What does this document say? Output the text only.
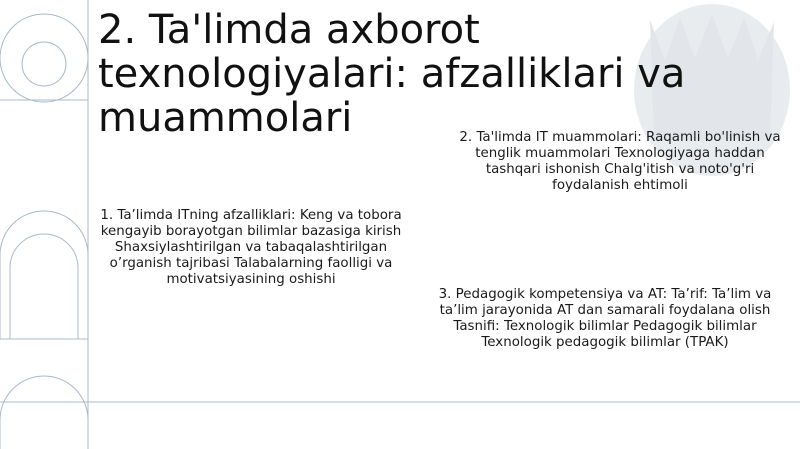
2. Ta'limda axborot texnologiyalari: afzalliklari va muammolari
1. Ta’limda ITning afzalliklari: Keng va tobora kengayib borayotgan bilimlar bazasiga kirish Shaxsiylashtirilgan va tabaqalashtirilgan o’rganish tajribasi Talabalarning faolligi va motivatsiyasining oshishi
2. Ta'limda IT muammolari: Raqamli bo'linish va tenglik muammolari Texnologiyaga haddan tashqari ishonish Chalg'itish va noto'g'ri foydalanish ehtimoli
3. Pedagogik kompetensiya va AT: Ta’rif: Ta’lim va ta’lim jarayonida AT dan samarali foydalana olish Tasnifi: Texnologik bilimlar Pedagogik bilimlar Texnologik pedagogik bilimlar (TPAK)
